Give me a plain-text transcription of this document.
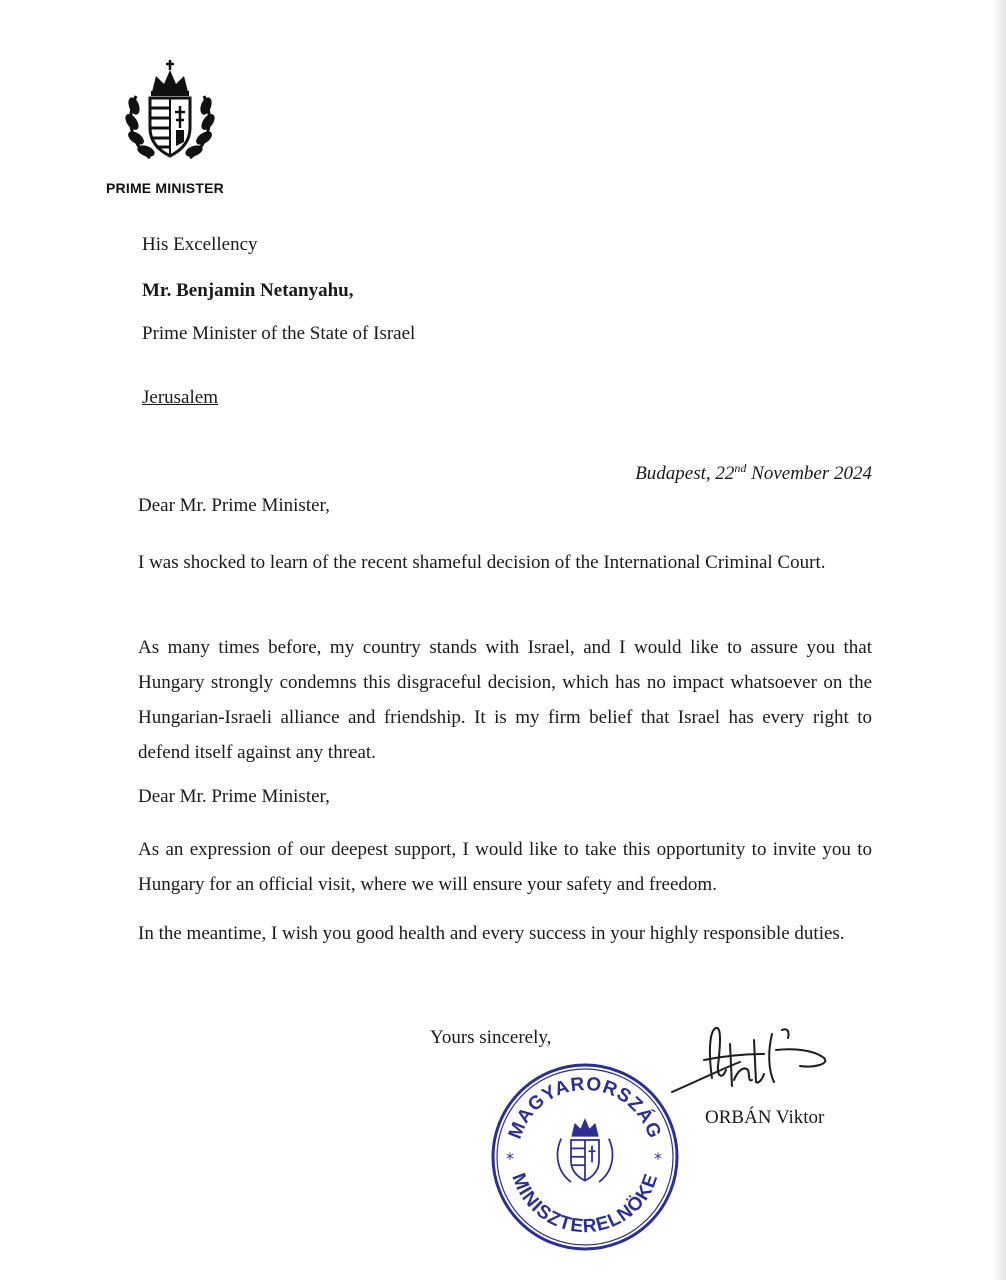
PRIME MINISTER
His Excellency
Mr. Benjamin Netanyahu,
Prime Minister of the State of Israel
Jerusalem
Budapest, 22nd November 2024
Dear Mr. Prime Minister,
I was shocked to learn of the recent shameful decision of the International Criminal Court.
As many times before, my country stands with Israel, and I would like to assure you that Hungary strongly condemns this disgraceful decision, which has no impact whatsoever on the Hungarian-Israeli alliance and friendship. It is my firm belief that Israel has every right to defend itself against any threat.
Dear Mr. Prime Minister,
As an expression of our deepest support, I would like to take this opportunity to invite you to Hungary for an official visit, where we will ensure your safety and freedom.
In the meantime, I wish you good health and every success in your highly responsible duties.
Yours sincerely,
ORBÁN Viktor
MAGYARORSZÁG
MINISZTERELNÖKE
*	*
